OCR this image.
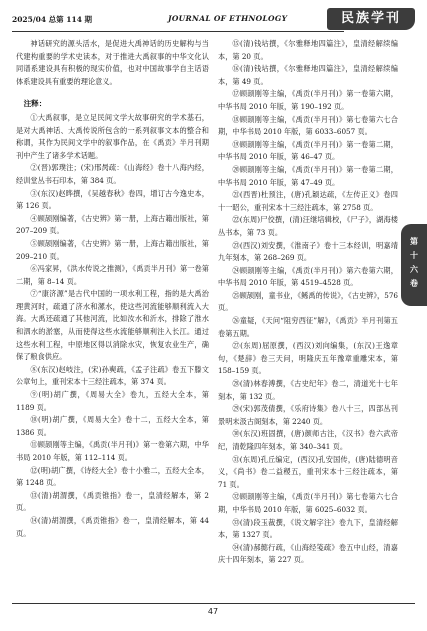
2025/04 总第 114 期	JOURNAL OF ETHNOLOGY	民族学刊

神话研究的源头活水，是促进大禹神话的历史解构与当代建构重要的学术史读本，对于推进大禹叙事的中华文化认同谱系建设具有积极的现实价值，也对中国故事学自主话语体系建设具有重要的理论意义。

注释：

①大禹叙事，是立足民间文学大故事研究的学术基石，是对大禹神话、大禹传说所包含的一系列叙事文本的整合和称谓，其作为民间文学中的叙事作品，在《禹贡》半月刊期刊中产生了诸多学术话题。

②(晋)郭璞注；(宋)邢昺疏：《山海经》卷十八海内经，经训堂丛书石印本，第 384 页。

③(东汉)赵晔撰，《吴越春秋》卷四，增订古今逸史本，第 126 页。

④顾颉刚编著，《古史辨》第一册，上海古籍出版社，第 207–209 页。

⑤顾颉刚编著，《古史辨》第一册，上海古籍出版社，第 209–210 页。

⑥冯家昇，《洪水传说之推测》，《禹贡半月刊》第一卷第二期，第 8–14 页。

⑦“康济源”是古代中国的一项水利工程，指的是大禹治理黄河时，疏通了济水和漯水，使这些河流能够顺利流入大海。大禹还疏通了其他河流，比如汝水和沂水，排除了淮水和泗水的淤塞，从而使得这些水流能够顺利注入长江。通过这些水利工程，中原地区得以消除水灾，恢复农业生产，确保了粮食供应。

⑧(东汉)赵岐注，(宋)孙奭疏，《孟子注疏》卷五下滕文公章句上，重刊宋本十三经注疏本，第 374 页。

⑨(明)胡广撰，《周易大全》卷九，五经大全本，第 1189 页。

⑩(明)胡广撰，《周易大全》卷十二，五经大全本，第 1386 页。

⑪顾颉刚等主编，《禹贡(半月刊)》第一卷第六期，中华书局 2010 年版，第 112–114 页。

⑫(明)胡广撰，《诗经大全》卷十小雅二，五经大全本，第 1248 页。

⑬(清)胡渭撰，《禹贡锥指》卷一，皇清经解本，第 2 页。

⑭(清)胡渭撰，《禹贡锥指》卷一，皇清经解本，第 44 页。

⑮(清)钱坫撰，《尔雅释地四篇注》，皇清经解续编本，第 20 页。

⑯(清)钱坫撰，《尔雅释地四篇注》，皇清经解续编本，第 49 页。

⑰顾颉刚等主编，《禹贡(半月刊)》第一卷第六期，中华书局 2010 年版，第 190–192 页。

⑱顾颉刚等主编，《禹贡(半月刊)》第七卷第六七合期，中华书局 2010 年版，第 6033–6057 页。

⑲顾颉刚等主编，《禹贡(半月刊)》第一卷第二期，中华书局 2010 年版，第 46–47 页。

⑳顾颉刚等主编，《禹贡(半月刊)》第一卷第二期，中华书局 2010 年版，第 47–49 页。

㉑(西晋)杜预注，(唐)孔颖达疏，《左传正义》卷四十一昭公，重刊宋本十三经注疏本，第 2758 页。

㉒(东周)尸佼撰，(清)汪继培辑校，《尸子》，湖海楼丛书本，第 73 页。

㉓(西汉)刘安撰，《淮南子》卷十三本经训，明嘉靖九年刻本，第 268–269 页。

㉔顾颉刚等主编，《禹贡(半月刊)》第六卷第六期，中华书局 2010 年版，第 4519–4528 页。

㉕顾颉刚，童书业，《鲧禹的传说》，《古史辨》，576 页。

㉖童疑，《天问“阻穷西征”解》，《禹贡》半月刊第五卷第五期。

㉗(东周)屈原撰，(西汉)刘向编集，(东汉)王逸章句，《楚辞》卷三天问，明隆庆五年豫章重雕宋本，第 158–159 页。

㉘(清)林春溥撰，《古史纪年》卷二，清道光十七年刻本，第 132 页。

㉙(宋)郭茂倩撰，《乐府诗集》卷八十三，四部丛刊景明末汲古阁刻本，第 2240 页。

㉚(东汉)班固撰，(唐)颜师古注，《汉书》卷六武帝纪，清乾隆四年刻本，第 340–341 页。

㉛(东周)孔丘编定，(西汉)孔安国传，(唐)陆德明音义，《尚书》卷二益稷五，重刊宋本十三经注疏本，第 71 页。

㉜顾颉刚等主编，《禹贡(半月刊)》第七卷第六七合期，中华书局 2010 年版，第 6025–6032 页。

㉝(清)段玉裁撰，《说文解字注》卷九下，皇清经解本，第 1327 页。

㉞(清)郝懿行疏，《山海经笺疏》卷五中山经，清嘉庆十四年刻本，第 227 页。

第
十
六
卷
47
